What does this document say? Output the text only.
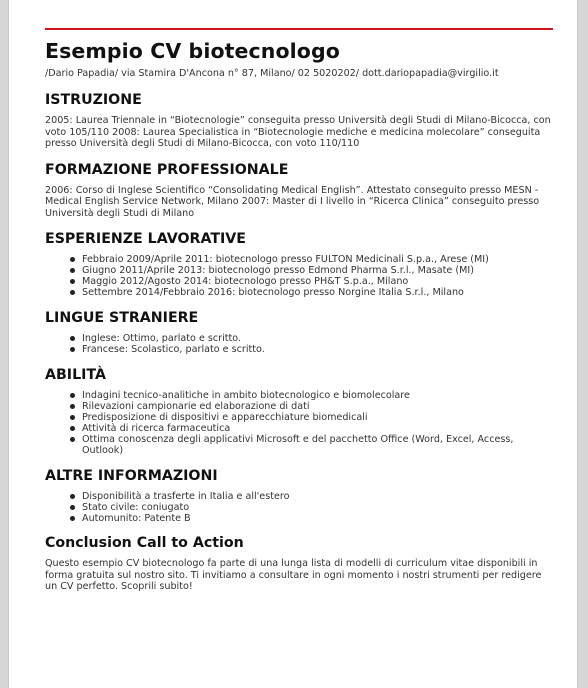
Esempio CV biotecnologo
/Dario Papadia/ via Stamira D'Ancona n° 87, Milano/ 02 5020202/ dott.dariopapadia@virgilio.it
ISTRUZIONE

2005: Laurea Triennale in “Biotecnologie” conseguita presso Università degli Studi di Milano-Bicocca, con voto 105/110 2008: Laurea Specialistica in “Biotecnologie mediche e medicina molecolare” conseguita presso Università degli Studi di Milano-Bicocca, con voto 110/110

FORMAZIONE PROFESSIONALE

2006: Corso di Inglese Scientifico “Consolidating Medical English”. Attestato conseguito presso MESN - Medical English Service Network, Milano 2007: Master di I livello in “Ricerca Clinica” conseguito presso Università degli Studi di Milano

ESPERIENZE LAVORATIVE
Febbraio 2009/Aprile 2011: biotecnologo presso FULTON Medicinali S.p.a., Arese (MI)
Giugno 2011/Aprile 2013: biotecnologo presso Edmond Pharma S.r.l., Masate (MI)
Maggio 2012/Agosto 2014: biotecnologo presso PH&T S.p.a., Milano
Settembre 2014/Febbraio 2016: biotecnologo presso Norgine Italia S.r.l., Milano
LINGUE STRANIERE
Inglese: Ottimo, parlato e scritto.
Francese: Scolastico, parlato e scritto.
ABILITÀ
Indagini tecnico-analitiche in ambito biotecnologico e biomolecolare
Rilevazioni campionarie ed elaborazione di dati
Predisposizione di dispositivi e apparecchiature biomedicali
Attività di ricerca farmaceutica
Ottima conoscenza degli applicativi Microsoft e del pacchetto Office (Word, Excel, Access, Outlook)
ALTRE INFORMAZIONI
Disponibilità a trasferte in Italia e all'estero
Stato civile: coniugato
Automunito: Patente B
Conclusion Call to Action

Questo esempio CV biotecnologo fa parte di una lunga lista di modelli di curriculum vitae disponibili in forma gratuita sul nostro sito. Ti invitiamo a consultare in ogni momento i nostri strumenti per redigere un CV perfetto. Scoprili subito!
